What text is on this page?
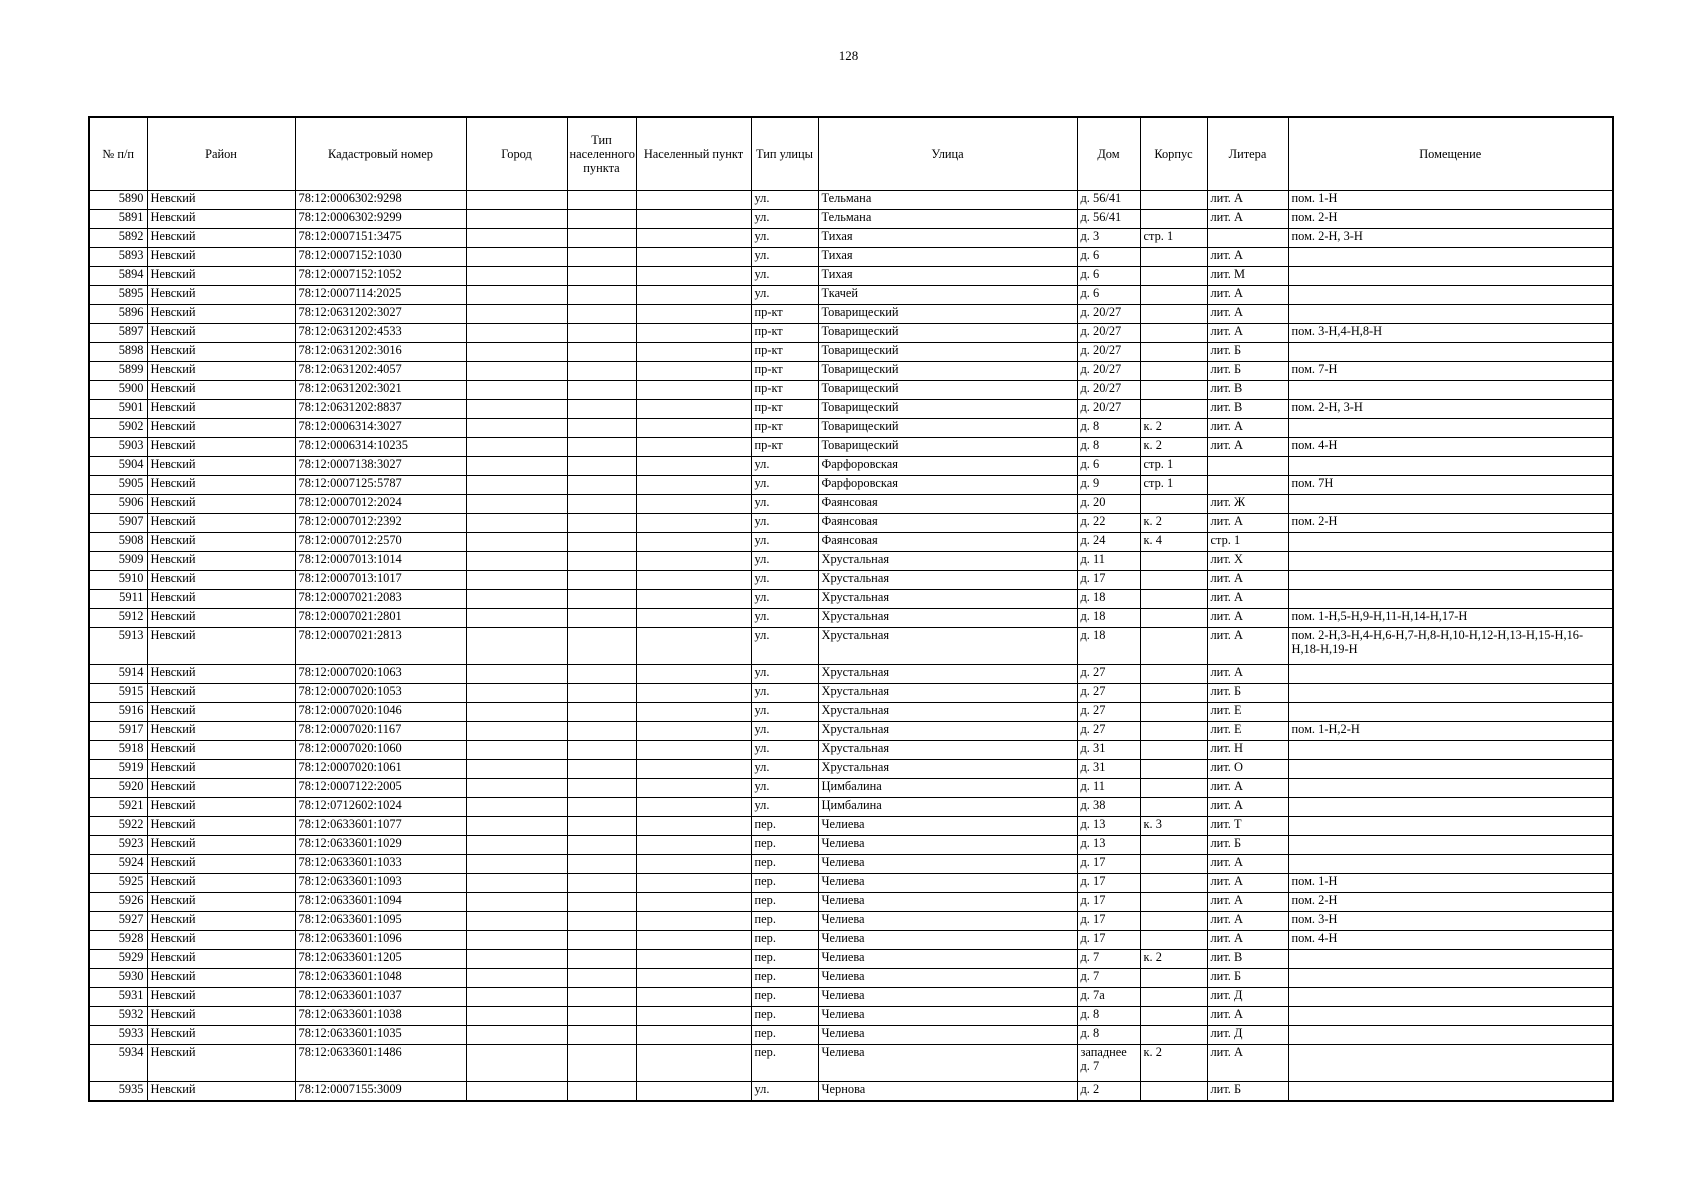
128
№ п/п	Район	Кадастровый номер	Город	Тип населенного пункта	Населенный пункт	Тип улицы	Улица	Дом	Корпус	Литера	Помещение
5890	Невский	78:12:0006302:9298				ул.	Тельмана	д. 56/41		лит. А	пом. 1-Н
5891	Невский	78:12:0006302:9299				ул.	Тельмана	д. 56/41		лит. А	пом. 2-Н
5892	Невский	78:12:0007151:3475				ул.	Тихая	д. 3	стр. 1		пом. 2-Н, 3-Н
5893	Невский	78:12:0007152:1030				ул.	Тихая	д. 6		лит. А	
5894	Невский	78:12:0007152:1052				ул.	Тихая	д. 6		лит. М	
5895	Невский	78:12:0007114:2025				ул.	Ткачей	д. 6		лит. А	
5896	Невский	78:12:0631202:3027				пр-кт	Товарищеский	д. 20/27		лит. А	
5897	Невский	78:12:0631202:4533				пр-кт	Товарищеский	д. 20/27		лит. А	пом. 3-Н,4-Н,8-Н
5898	Невский	78:12:0631202:3016				пр-кт	Товарищеский	д. 20/27		лит. Б	
5899	Невский	78:12:0631202:4057				пр-кт	Товарищеский	д. 20/27		лит. Б	пом. 7-Н
5900	Невский	78:12:0631202:3021				пр-кт	Товарищеский	д. 20/27		лит. В	
5901	Невский	78:12:0631202:8837				пр-кт	Товарищеский	д. 20/27		лит. В	пом. 2-Н, 3-Н
5902	Невский	78:12:0006314:3027				пр-кт	Товарищеский	д. 8	к. 2	лит. А	
5903	Невский	78:12:0006314:10235				пр-кт	Товарищеский	д. 8	к. 2	лит. А	пом. 4-Н
5904	Невский	78:12:0007138:3027				ул.	Фарфоровская	д. 6	стр. 1		
5905	Невский	78:12:0007125:5787				ул.	Фарфоровская	д. 9	стр. 1		пом. 7Н
5906	Невский	78:12:0007012:2024				ул.	Фаянсовая	д. 20		лит. Ж	
5907	Невский	78:12:0007012:2392				ул.	Фаянсовая	д. 22	к. 2	лит. А	пом. 2-Н
5908	Невский	78:12:0007012:2570				ул.	Фаянсовая	д. 24	к. 4	стр. 1	
5909	Невский	78:12:0007013:1014				ул.	Хрустальная	д. 11		лит. Х	
5910	Невский	78:12:0007013:1017				ул.	Хрустальная	д. 17		лит. А	
5911	Невский	78:12:0007021:2083				ул.	Хрустальная	д. 18		лит. А	
5912	Невский	78:12:0007021:2801				ул.	Хрустальная	д. 18		лит. А	пом. 1-Н,5-Н,9-Н,11-Н,14-Н,17-Н
5913	Невский	78:12:0007021:2813				ул.	Хрустальная	д. 18		лит. А	пом. 2-Н,3-Н,4-Н,6-Н,7-Н,8-Н,10-Н,12-Н,13-Н,15-Н,16-Н,18-Н,19-Н
5914	Невский	78:12:0007020:1063				ул.	Хрустальная	д. 27		лит. А	
5915	Невский	78:12:0007020:1053				ул.	Хрустальная	д. 27		лит. Б	
5916	Невский	78:12:0007020:1046				ул.	Хрустальная	д. 27		лит. Е	
5917	Невский	78:12:0007020:1167				ул.	Хрустальная	д. 27		лит. Е	пом. 1-Н,2-Н
5918	Невский	78:12:0007020:1060				ул.	Хрустальная	д. 31		лит. Н	
5919	Невский	78:12:0007020:1061				ул.	Хрустальная	д. 31		лит. О	
5920	Невский	78:12:0007122:2005				ул.	Цимбалина	д. 11		лит. А	
5921	Невский	78:12:0712602:1024				ул.	Цимбалина	д. 38		лит. А	
5922	Невский	78:12:0633601:1077				пер.	Челиева	д. 13	к. 3	лит. Т	
5923	Невский	78:12:0633601:1029				пер.	Челиева	д. 13		лит. Б	
5924	Невский	78:12:0633601:1033				пер.	Челиева	д. 17		лит. А	
5925	Невский	78:12:0633601:1093				пер.	Челиева	д. 17		лит. А	пом. 1-Н
5926	Невский	78:12:0633601:1094				пер.	Челиева	д. 17		лит. А	пом. 2-Н
5927	Невский	78:12:0633601:1095				пер.	Челиева	д. 17		лит. А	пом. 3-Н
5928	Невский	78:12:0633601:1096				пер.	Челиева	д. 17		лит. А	пом. 4-Н
5929	Невский	78:12:0633601:1205				пер.	Челиева	д. 7	к. 2	лит. В	
5930	Невский	78:12:0633601:1048				пер.	Челиева	д. 7		лит. Б	
5931	Невский	78:12:0633601:1037				пер.	Челиева	д. 7а		лит. Д	
5932	Невский	78:12:0633601:1038				пер.	Челиева	д. 8		лит. А	
5933	Невский	78:12:0633601:1035				пер.	Челиева	д. 8		лит. Д	
5934	Невский	78:12:0633601:1486				пер.	Челиева	западнее д. 7	к. 2	лит. А	
5935	Невский	78:12:0007155:3009				ул.	Чернова	д. 2		лит. Б	
